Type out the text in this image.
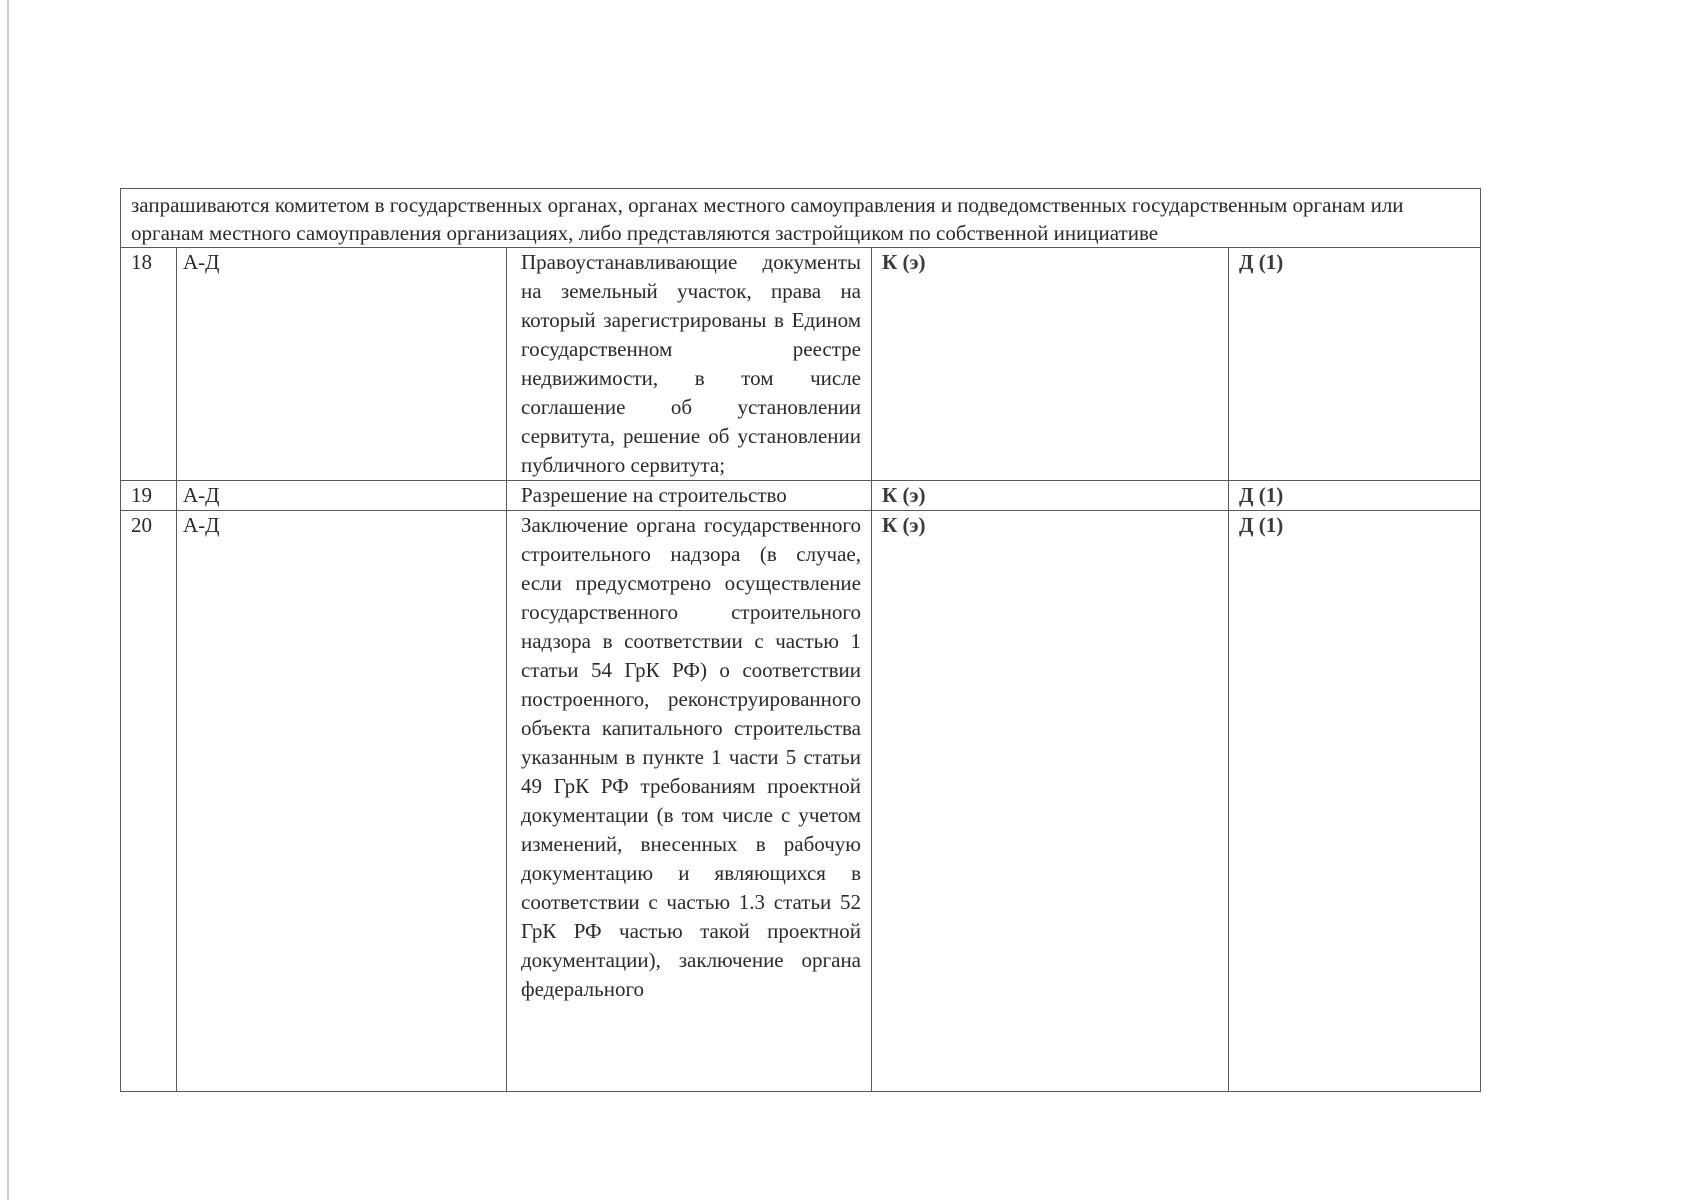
запрашиваются комитетом в государственных органах, органах местного самоуправления и подведомственных государственным органам или органам местного самоуправления организациях, либо представляются застройщиком по собственной инициативе				
18	А-Д	Правоустанавливающие документы на земельный участок, права на который зарегистрированы в Едином государственном реестре недвижимости, в том числе соглашение об установлении сервитута, решение об установлении публичного сервитута;	К (э)	Д (1)
19	А-Д	Разрешение на строительство	К (э)	Д (1)
20	А-Д	Заключение органа государственного строительного надзора (в случае, если предусмотрено осуществление государственного строительного надзора в соответствии с частью 1 статьи 54 ГрК РФ) о соответствии построенного, реконструированного объекта капитального строительства указанным в пункте 1 части 5 статьи 49 ГрК РФ требованиям проектной документации (в том числе с учетом изменений, внесенных в рабочую документацию и являющихся в соответствии с частью 1.3 статьи 52 ГрК РФ частью такой проектной документации), заключение органа федерального	К (э)	Д (1)
